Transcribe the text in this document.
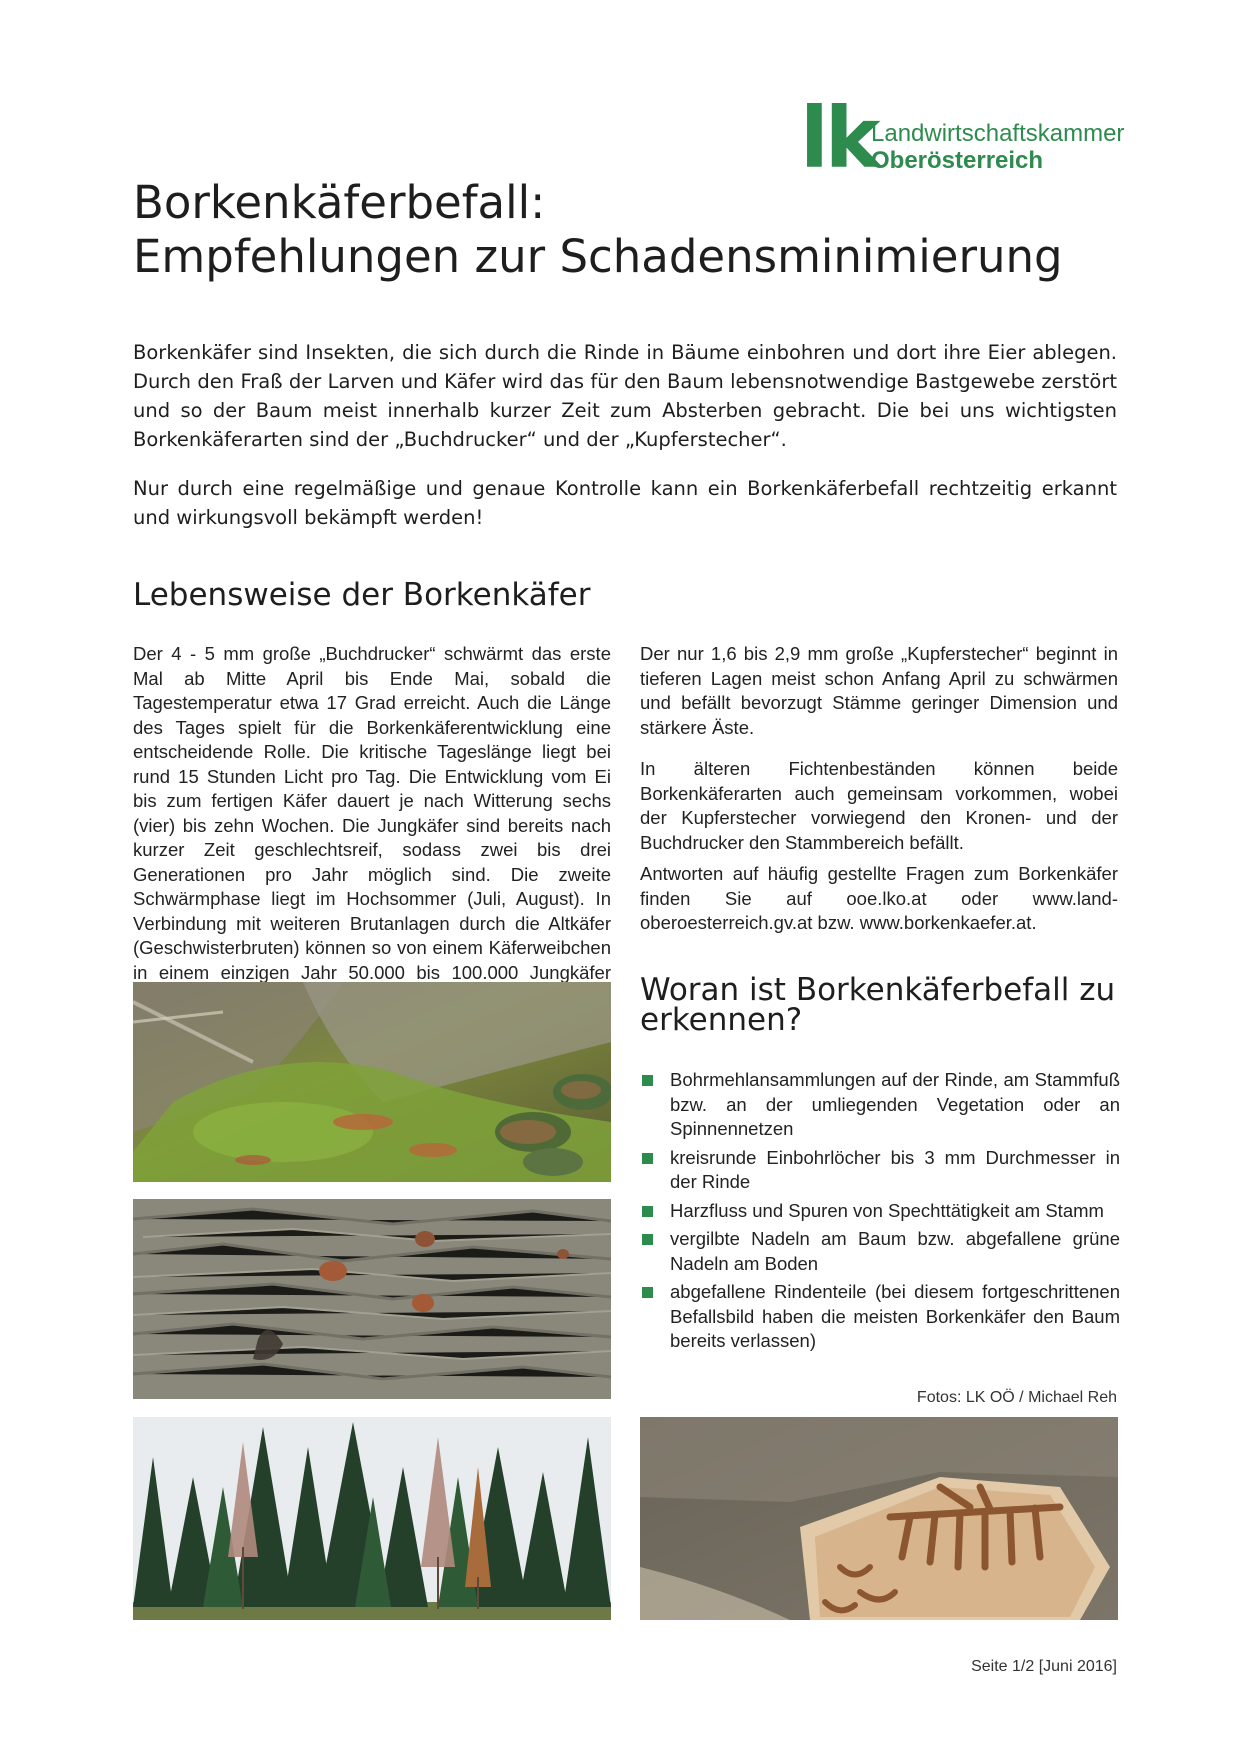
lk
Landwirtschaftskammer
Oberösterreich
Borkenkäferbefall:
Empfehlungen zur Schadensminimierung

Borkenkäfer sind Insekten, die sich durch die Rinde in Bäume einbohren und dort ihre Eier ablegen. Durch den Fraß der Larven und Käfer wird das für den Baum lebensnotwendige Bastgewebe zerstört und so der Baum meist innerhalb kurzer Zeit zum Absterben gebracht. Die bei uns wichtigsten Borkenkäferarten sind der „Buchdrucker“ und der „Kupferstecher“.

Nur durch eine regelmäßige und genaue Kontrolle kann ein Borkenkäferbefall rechtzeitig erkannt und wirkungsvoll bekämpft werden!

Lebensweise der Borkenkäfer

Der 4 - 5 mm große „Buchdrucker“ schwärmt das erste Mal ab Mitte April bis Ende Mai, sobald die Tagestemperatur etwa 17 Grad erreicht. Auch die Länge des Tages spielt für die Borkenkäferentwicklung eine entscheidende Rolle. Die kritische Tageslänge liegt bei rund 15 Stunden Licht pro Tag. Die Entwicklung vom Ei bis zum fertigen Käfer dauert je nach Witterung sechs (vier) bis zehn Wochen. Die Jungkäfer sind bereits nach kurzer Zeit geschlechtsreif, sodass zwei bis drei Generationen pro Jahr möglich sind. Die zweite Schwärmphase liegt im Hochsommer (Juli, August). In Verbindung mit weiteren Brutanlagen durch die Altkäfer (Geschwisterbruten) können so von einem Käferweibchen in einem einzigen Jahr 50.000 bis 100.000 Jungkäfer

Der nur 1,6 bis 2,9 mm große „Kupferstecher“ beginnt in tieferen Lagen meist schon Anfang April zu schwärmen und befällt bevorzugt Stämme geringer Dimension und stärkere Äste.

In älteren Fichtenbeständen können beide Borkenkäferarten auch gemeinsam vorkommen, wobei der Kupferstecher vorwiegend den Kronen- und der Buchdrucker den Stammbereich befällt.

Antworten auf häufig gestellte Fragen zum Borkenkäfer finden Sie auf ooe.lko.at oder www.land-oberoesterreich.gv.at bzw. www.borkenkaefer.at.

Woran ist Borkenkäferbefall zu erkennen?
Bohrmehlansammlungen auf der Rinde, am Stammfuß bzw. an der umliegenden Vegetation oder an Spinnennetzen
kreisrunde Einbohrlöcher bis 3 mm Durchmesser in der Rinde
Harzfluss und Spuren von Spechttätigkeit am Stamm
vergilbte Nadeln am Baum bzw. abgefallene grüne Nadeln am Boden
abgefallene Rindenteile (bei diesem fortgeschrittenen Befallsbild haben die meisten Borkenkäfer den Baum bereits verlassen)
Fotos: LK OÖ / Michael Reh
Seite 1/2 [Juni 2016]
